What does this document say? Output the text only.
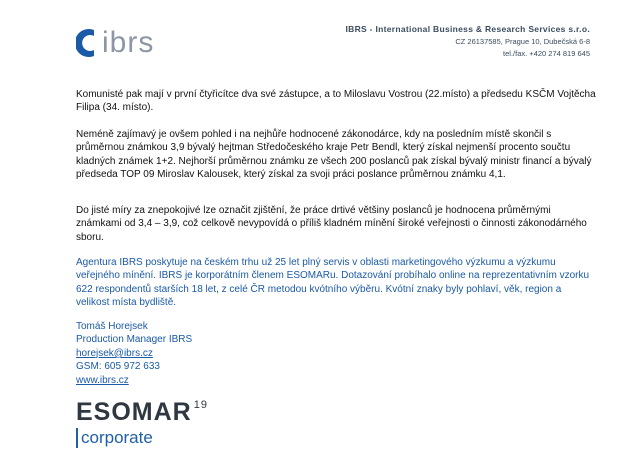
ibrs	IBRS - International Business & Research Services s.r.o.
CZ 26137585, Prague 10, Dubečská 6-8
tel./fax. +420 274 819 645
Komunisté pak mají v první čtyřicítce dva své zástupce, a to Miloslavu Vostrou (22.místo) a předsedu KSČM Vojtěcha Filipa (34. místo).
Neméně zajímavý je ovšem pohled i na nejhůře hodnocené zákonodárce, kdy na posledním místě skončil s průměrnou známkou 3,9 bývalý hejtman Středočeského kraje Petr Bendl, který získal nejmenší procento součtu kladných známek 1+2. Nejhorší průměrnou známku ze všech 200 poslanců pak získal bývalý ministr financí a bývalý předseda TOP 09 Miroslav Kalousek, který získal za svoji práci poslance průměrnou známku 4,1.
Do jisté míry za znepokojivé lze označit zjištění, že práce drtivé většiny poslanců je hodnocena průměrnými známkami od 3,4 – 3,9, což celkově nevypovídá o příliš kladném mínění široké veřejnosti o činnosti zákonodárného sboru.
Agentura IBRS poskytuje na českém trhu už 25 let plný servis v oblasti marketingového výzkumu a výzkumu veřejného mínění. IBRS je korporátním členem ESOMARu. Dotazování probíhalo online na reprezentativním vzorku 622 respondentů starších 18 let, z celé ČR metodou kvótního výběru. Kvótní znaky byly pohlaví, věk, region a velikost místa bydliště.
Tomáš Horejsek
Production Manager IBRS
horejsek@ibrs.cz
GSM: 605 972 633
www.ibrs.cz
ESOMAR $^{19}$
corporate
